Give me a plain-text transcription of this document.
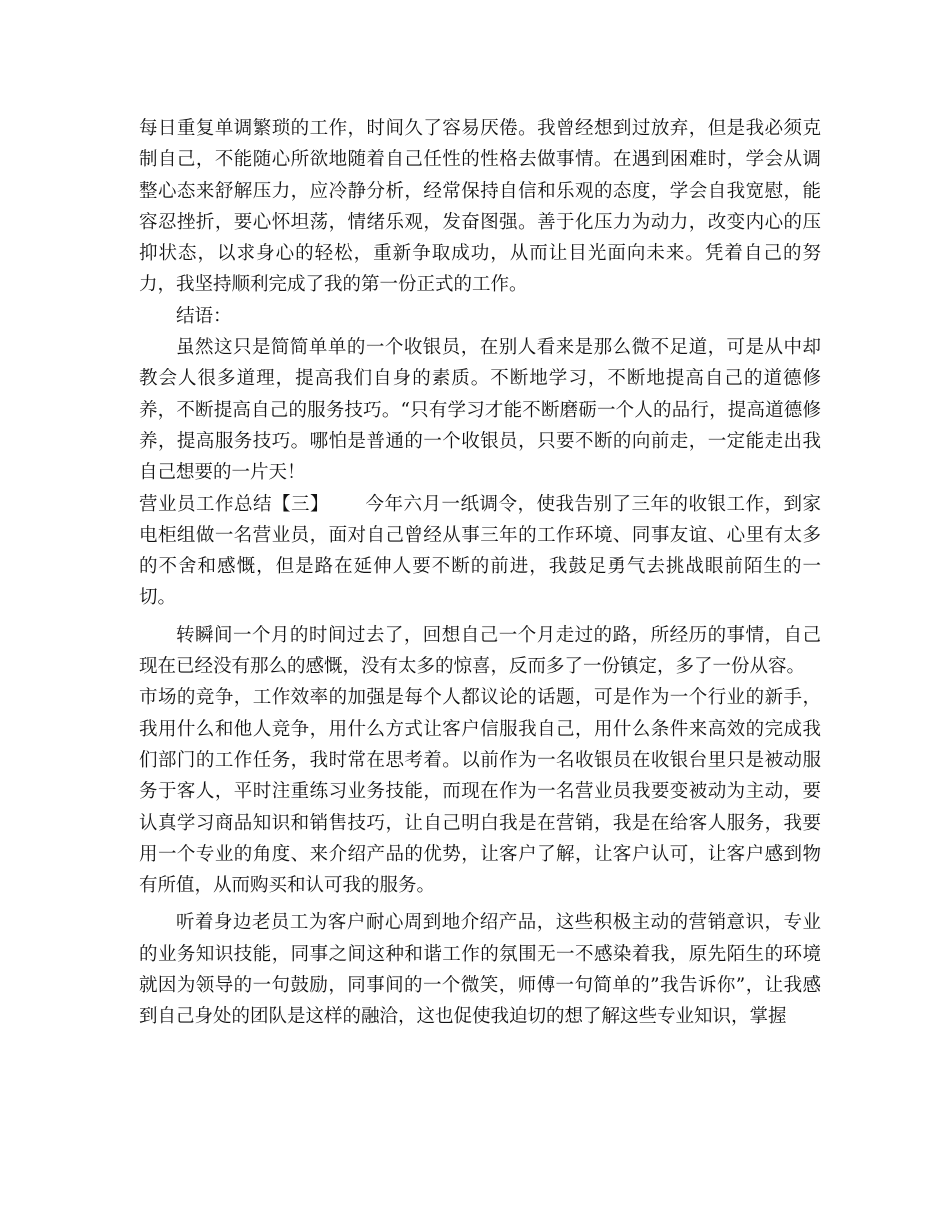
每日重复单调繁琐的工作，时间久了容易厌倦。我曾经想到过放弃，但是我必须克制自己，不能随心所欲地随着自己任性的性格去做事情。在遇到困难时，学会从调整心态来舒解压力，应冷静分析，经常保持自信和乐观的态度，学会自我宽慰，能容忍挫折，要心怀坦荡，情绪乐观，发奋图强。善于化压力为动力，改变内心的压抑状态，以求身心的轻松，重新争取成功，从而让目光面向未来。凭着自己的努力，我坚持顺利完成了我的第一份正式的工作。

结语：

虽然这只是简简单单的一个收银员，在别人看来是那么微不足道，可是从中却教会人很多道理，提高我们自身的素质。不断地学习，不断地提高自己的道德修养，不断提高自己的服务技巧。“只有学习才能不断磨砺一个人的品行，提高道德修养，提高服务技巧。哪怕是普通的一个收银员，只要不断的向前走，一定能走出我自己想要的一片天！

营业员工作总结【三】 今年六月一纸调令，使我告别了三年的收银工作，到家电柜组做一名营业员，面对自己曾经从事三年的工作环境、同事友谊、心里有太多的不舍和感慨，但是路在延伸人要不断的前进，我鼓足勇气去挑战眼前陌生的一切。

转瞬间一个月的时间过去了，回想自己一个月走过的路，所经历的事情，自己现在已经没有那么的感慨，没有太多的惊喜，反而多了一份镇定，多了一份从容。

市场的竞争，工作效率的加强是每个人都议论的话题，可是作为一个行业的新手，我用什么和他人竞争，用什么方式让客户信服我自己，用什么条件来高效的完成我们部门的工作任务，我时常在思考着。以前作为一名收银员在收银台里只是被动服务于客人，平时注重练习业务技能，而现在作为一名营业员我要变被动为主动，要认真学习商品知识和销售技巧，让自己明白我是在营销，我是在给客人服务，我要用一个专业的角度、来介绍产品的优势，让客户了解，让客户认可，让客户感到物有所值，从而购买和认可我的服务。

听着身边老员工为客户耐心周到地介绍产品，这些积极主动的营销意识，专业的业务知识技能，同事之间这种和谐工作的氛围无一不感染着我，原先陌生的环境就因为领导的一句鼓励，同事间的一个微笑，师傅一句简单的”我告诉你”，让我感到自己身处的团队是这样的融洽，这也促使我迫切的想了解这些专业知识，掌握
